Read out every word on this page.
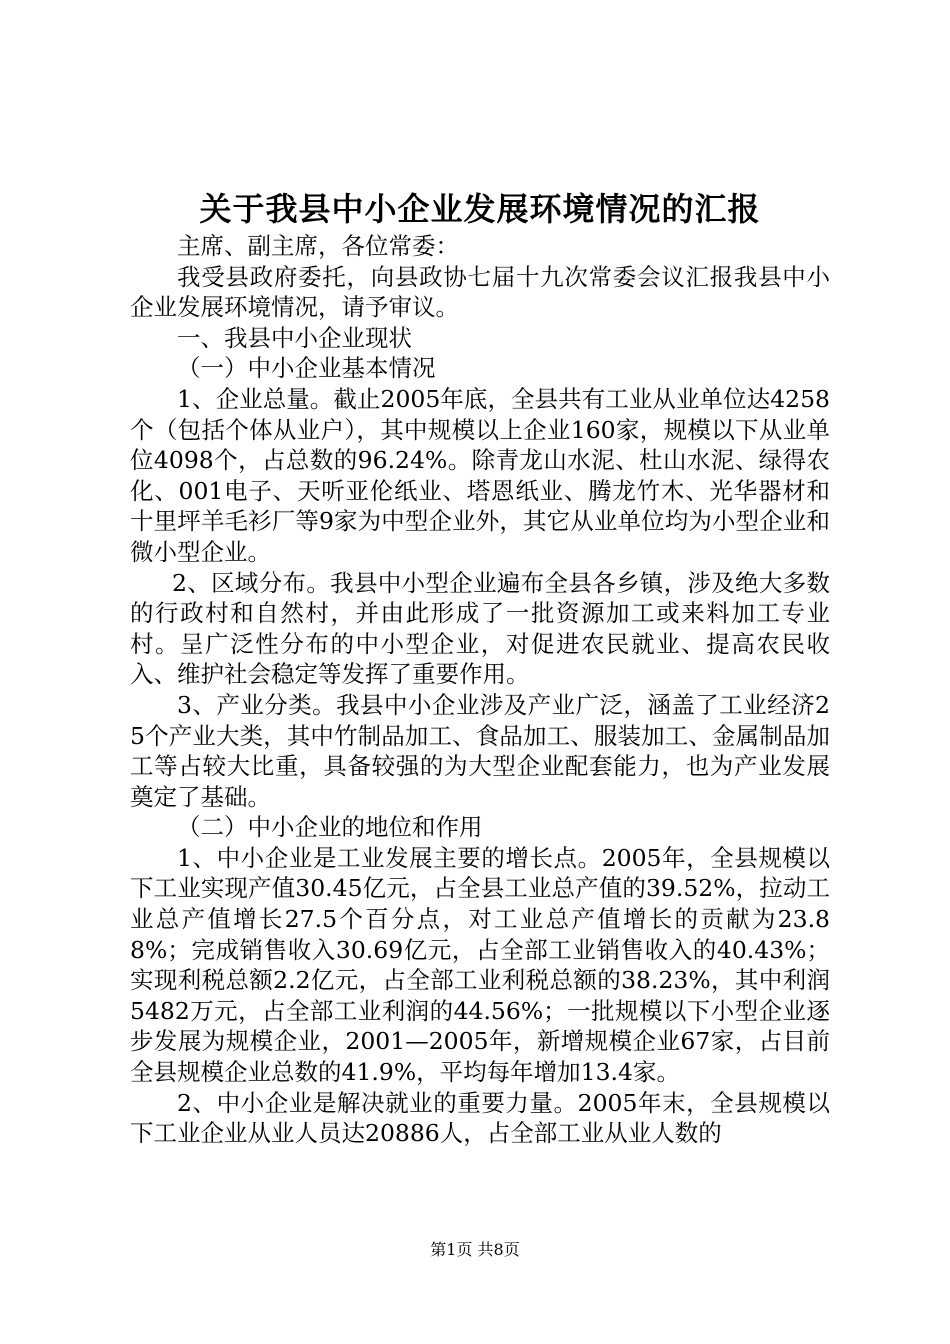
关于我县中小企业发展环境情况的汇报

主席、副主席，各位常委：

我受县政府委托，向县政协七届十九次常委会议汇报我县中小企业发展环境情况，请予审议。

一、我县中小企业现状

（一）中小企业基本情况

1、企业总量。截止2005年底，全县共有工业从业单位达4258个（包括个体从业户），其中规模以上企业160家，规模以下从业单位4098个，占总数的96.24%。除青龙山水泥、杜山水泥、绿得农化、001电子、天听亚伦纸业、塔恩纸业、腾龙竹木、光华器材和十里坪羊毛衫厂等9家为中型企业外，其它从业单位均为小型企业和微小型企业。

2、区域分布。我县中小型企业遍布全县各乡镇，涉及绝大多数的行政村和自然村，并由此形成了一批资源加工或来料加工专业村。呈广泛性分布的中小型企业，对促进农民就业、提高农民收入、维护社会稳定等发挥了重要作用。

3、产业分类。我县中小企业涉及产业广泛，涵盖了工业经济25个产业大类，其中竹制品加工、食品加工、服装加工、金属制品加工等占较大比重，具备较强的为大型企业配套能力，也为产业发展奠定了基础。

（二）中小企业的地位和作用

1、中小企业是工业发展主要的增长点。2005年，全县规模以下工业实现产值30.45亿元，占全县工业总产值的39.52%，拉动工业总产值增长27.5个百分点，对工业总产值增长的贡献为23.88%；完成销售收入30.69亿元，占全部工业销售收入的40.43%；实现利税总额2.2亿元，占全部工业利税总额的38.23%，其中利润5482万元，占全部工业利润的44.56%；一批规模以下小型企业逐步发展为规模企业，2001—2005年，新增规模企业67家，占目前全县规模企业总数的41.9%，平均每年增加13.4家。

2、中小企业是解决就业的重要力量。2005年末，全县规模以下工业企业从业人员达20886人，占全部工业从业人数的

第1页 共8页
